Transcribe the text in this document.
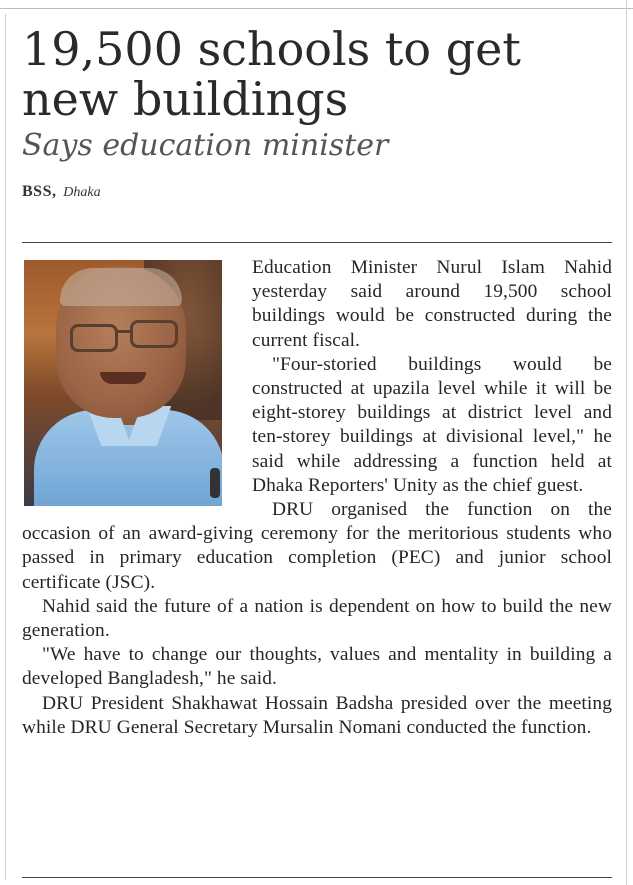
19,500 schools to get new buildings
Says education minister
BSS, Dhaka

Education Minister Nurul Islam Nahid yesterday said around 19,500 school buildings would be constructed during the current fiscal.

"Four-storied buildings would be constructed at upazila level while it will be eight-storey buildings at district level and ten-storey buildings at divisional level," he said while addressing a function held at Dhaka Reporters' Unity as the chief guest.

DRU organised the function on the occasion of an award-giving ceremony for the meritorious students who passed in primary education completion (PEC) and junior school certificate (JSC).

Nahid said the future of a nation is dependent on how to build the new generation.

"We have to change our thoughts, values and mentality in building a developed Bangladesh," he said.

DRU President Shakhawat Hossain Badsha presided over the meeting while DRU General Secretary Mursalin Nomani conducted the function.
